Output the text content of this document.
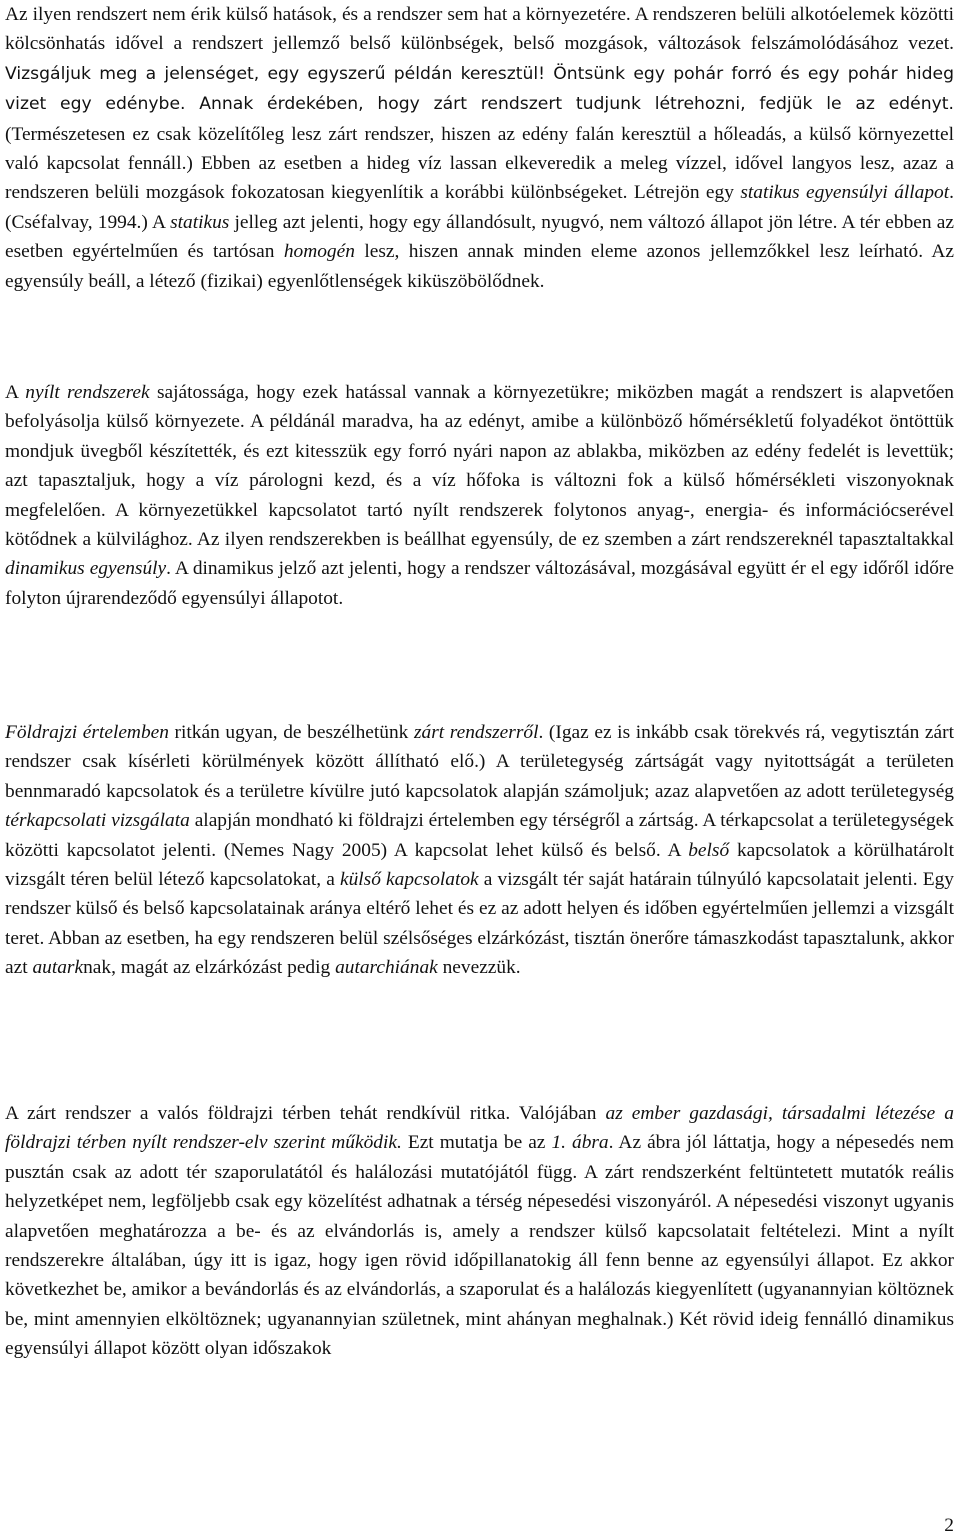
Az ilyen rendszert nem érik külső hatások, és a rendszer sem hat a környezetére. A rendszeren belüli alkotóelemek közötti kölcsönhatás idővel a rendszert jellemző belső különbségek, belső mozgások, változások felszámolódásához vezet. Vizsgáljuk meg a jelenséget, egy egyszerű példán keresztül! Öntsünk egy pohár forró és egy pohár hideg vizet egy edénybe. Annak érdekében, hogy zárt rendszert tudjunk létrehozni, fedjük le az edényt. (Természetesen ez csak közelítőleg lesz zárt rendszer, hiszen az edény falán keresztül a hőleadás, a külső környezettel való kapcsolat fennáll.) Ebben az esetben a hideg víz lassan elkeveredik a meleg vízzel, idővel langyos lesz, azaz a rendszeren belüli mozgások fokozatosan kiegyenlítik a korábbi különbségeket. Létrejön egy statikus egyensúlyi állapot. (Cséfalvay, 1994.) A statikus jelleg azt jelenti, hogy egy állandósult, nyugvó, nem változó állapot jön létre. A tér ebben az esetben egyértelműen és tartósan homogén lesz, hiszen annak minden eleme azonos jellemzőkkel lesz leírható. Az egyensúly beáll, a létező (fizikai) egyenlőtlenségek kiküszöbölődnek.

A nyílt rendszerek sajátossága, hogy ezek hatással vannak a környezetükre; miközben magát a rendszert is alapvetően befolyásolja külső környezete. A példánál maradva, ha az edényt, amibe a különböző hőmérsékletű folyadékot öntöttük mondjuk üvegből készítették, és ezt kitesszük egy forró nyári napon az ablakba, miközben az edény fedelét is levettük; azt tapasztaljuk, hogy a víz párologni kezd, és a víz hőfoka is változni fok a külső hőmérsékleti viszonyoknak megfelelően. A környezetükkel kapcsolatot tartó nyílt rendszerek folytonos anyag-, energia- és információcserével kötődnek a külvilághoz. Az ilyen rendszerekben is beállhat egyensúly, de ez szemben a zárt rendszereknél tapasztaltakkal dinamikus egyensúly. A dinamikus jelző azt jelenti, hogy a rendszer változásával, mozgásával együtt ér el egy időről időre folyton újrarendeződő egyensúlyi állapotot.

Földrajzi értelemben ritkán ugyan, de beszélhetünk zárt rendszerről. (Igaz ez is inkább csak törekvés rá, vegytisztán zárt rendszer csak kísérleti körülmények között állítható elő.) A területegység zártságát vagy nyitottságát a területen bennmaradó kapcsolatok és a területre kívülre jutó kapcsolatok alapján számoljuk; azaz alapvetően az adott területegység térkapcsolati vizsgálata alapján mondható ki földrajzi értelemben egy térségről a zártság. A térkapcsolat a területegységek közötti kapcsolatot jelenti. (Nemes Nagy 2005) A kapcsolat lehet külső és belső. A belső kapcsolatok a körülhatárolt vizsgált téren belül létező kapcsolatokat, a külső kapcsolatok a vizsgált tér saját határain túlnyúló kapcsolatait jelenti. Egy rendszer külső és belső kapcsolatainak aránya eltérő lehet és ez az adott helyen és időben egyértelműen jellemzi a vizsgált teret. Abban az esetben, ha egy rendszeren belül szélsőséges elzárkózást, tisztán önerőre támaszkodást tapasztalunk, akkor azt autarknak, magát az elzárkózást pedig autarchiának nevezzük.

A zárt rendszer a valós földrajzi térben tehát rendkívül ritka. Valójában az ember gazdasági, társadalmi létezése a földrajzi térben nyílt rendszer-elv szerint működik. Ezt mutatja be az 1. ábra. Az ábra jól láttatja, hogy a népesedés nem pusztán csak az adott tér szaporulatától és halálozási mutatójától függ. A zárt rendszerként feltüntetett mutatók reális helyzetképet nem, legföljebb csak egy közelítést adhatnak a térség népesedési viszonyáról. A népesedési viszonyt ugyanis alapvetően meghatározza a be- és az elvándorlás is, amely a rendszer külső kapcsolatait feltételezi. Mint a nyílt rendszerekre általában, úgy itt is igaz, hogy igen rövid időpillanatokig áll fenn benne az egyensúlyi állapot. Ez akkor következhet be, amikor a bevándorlás és az elvándorlás, a szaporulat és a halálozás kiegyenlített (ugyanannyian költöznek be, mint amennyien elköltöznek; ugyanannyian születnek, mint ahányan meghalnak.) Két rövid ideig fennálló dinamikus egyensúlyi állapot között olyan időszakok

2
